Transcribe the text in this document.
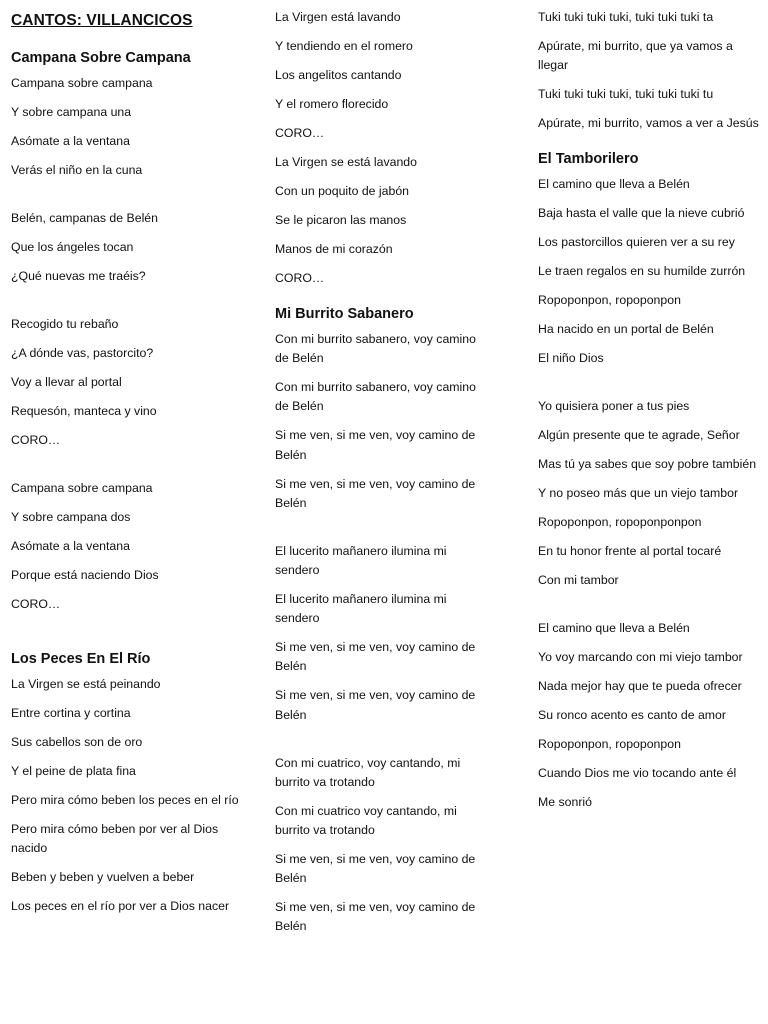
CANTOS: VILLANCICOS
Campana Sobre Campana
Campana sobre campana
Y sobre campana una
Asómate a la ventana
Verás el niño en la cuna
Belén, campanas de Belén
Que los ángeles tocan
¿Qué nuevas me traéis?
Recogido tu rebaño
¿A dónde vas, pastorcito?
Voy a llevar al portal
Requesón, manteca y vino
CORO…
Campana sobre campana
Y sobre campana dos
Asómate a la ventana
Porque está naciendo Dios
CORO…
Los Peces En El Río
La Virgen se está peinando
Entre cortina y cortina
Sus cabellos son de oro
Y el peine de plata fina
Pero mira cómo beben los peces en el río
Pero mira cómo beben por ver al Dios nacido
Beben y beben y vuelven a beber
Los peces en el río por ver a Dios nacer
La Virgen está lavando
Y tendiendo en el romero
Los angelitos cantando
Y el romero florecido
CORO…
La Virgen se está lavando
Con un poquito de jabón
Se le picaron las manos
Manos de mi corazón
CORO…
Mi Burrito Sabanero
Con mi burrito sabanero, voy camino de Belén
Con mi burrito sabanero, voy camino de Belén
Si me ven, si me ven, voy camino de Belén
Si me ven, si me ven, voy camino de Belén
El lucerito mañanero ilumina mi sendero
El lucerito mañanero ilumina mi sendero
Si me ven, si me ven, voy camino de Belén
Si me ven, si me ven, voy camino de Belén
Con mi cuatrico, voy cantando, mi burrito va trotando
Con mi cuatrico voy cantando, mi burrito va trotando
Si me ven, si me ven, voy camino de Belén
Si me ven, si me ven, voy camino de Belén
Tuki tuki tuki tuki, tuki tuki tuki ta
Apúrate, mi burrito, que ya vamos a llegar
Tuki tuki tuki tuki, tuki tuki tuki tu
Apúrate, mi burrito, vamos a ver a Jesús
El Tamborilero
El camino que lleva a Belén
Baja hasta el valle que la nieve cubrió
Los pastorcillos quieren ver a su rey
Le traen regalos en su humilde zurrón
Ropoponpon, ropoponpon
Ha nacido en un portal de Belén
El niño Dios
Yo quisiera poner a tus pies
Algún presente que te agrade, Señor
Mas tú ya sabes que soy pobre también
Y no poseo más que un viejo tambor
Ropoponpon, ropoponponpon
En tu honor frente al portal tocaré
Con mi tambor
El camino que lleva a Belén
Yo voy marcando con mi viejo tambor
Nada mejor hay que te pueda ofrecer
Su ronco acento es canto de amor
Ropoponpon, ropoponpon
Cuando Dios me vio tocando ante él
Me sonrió
